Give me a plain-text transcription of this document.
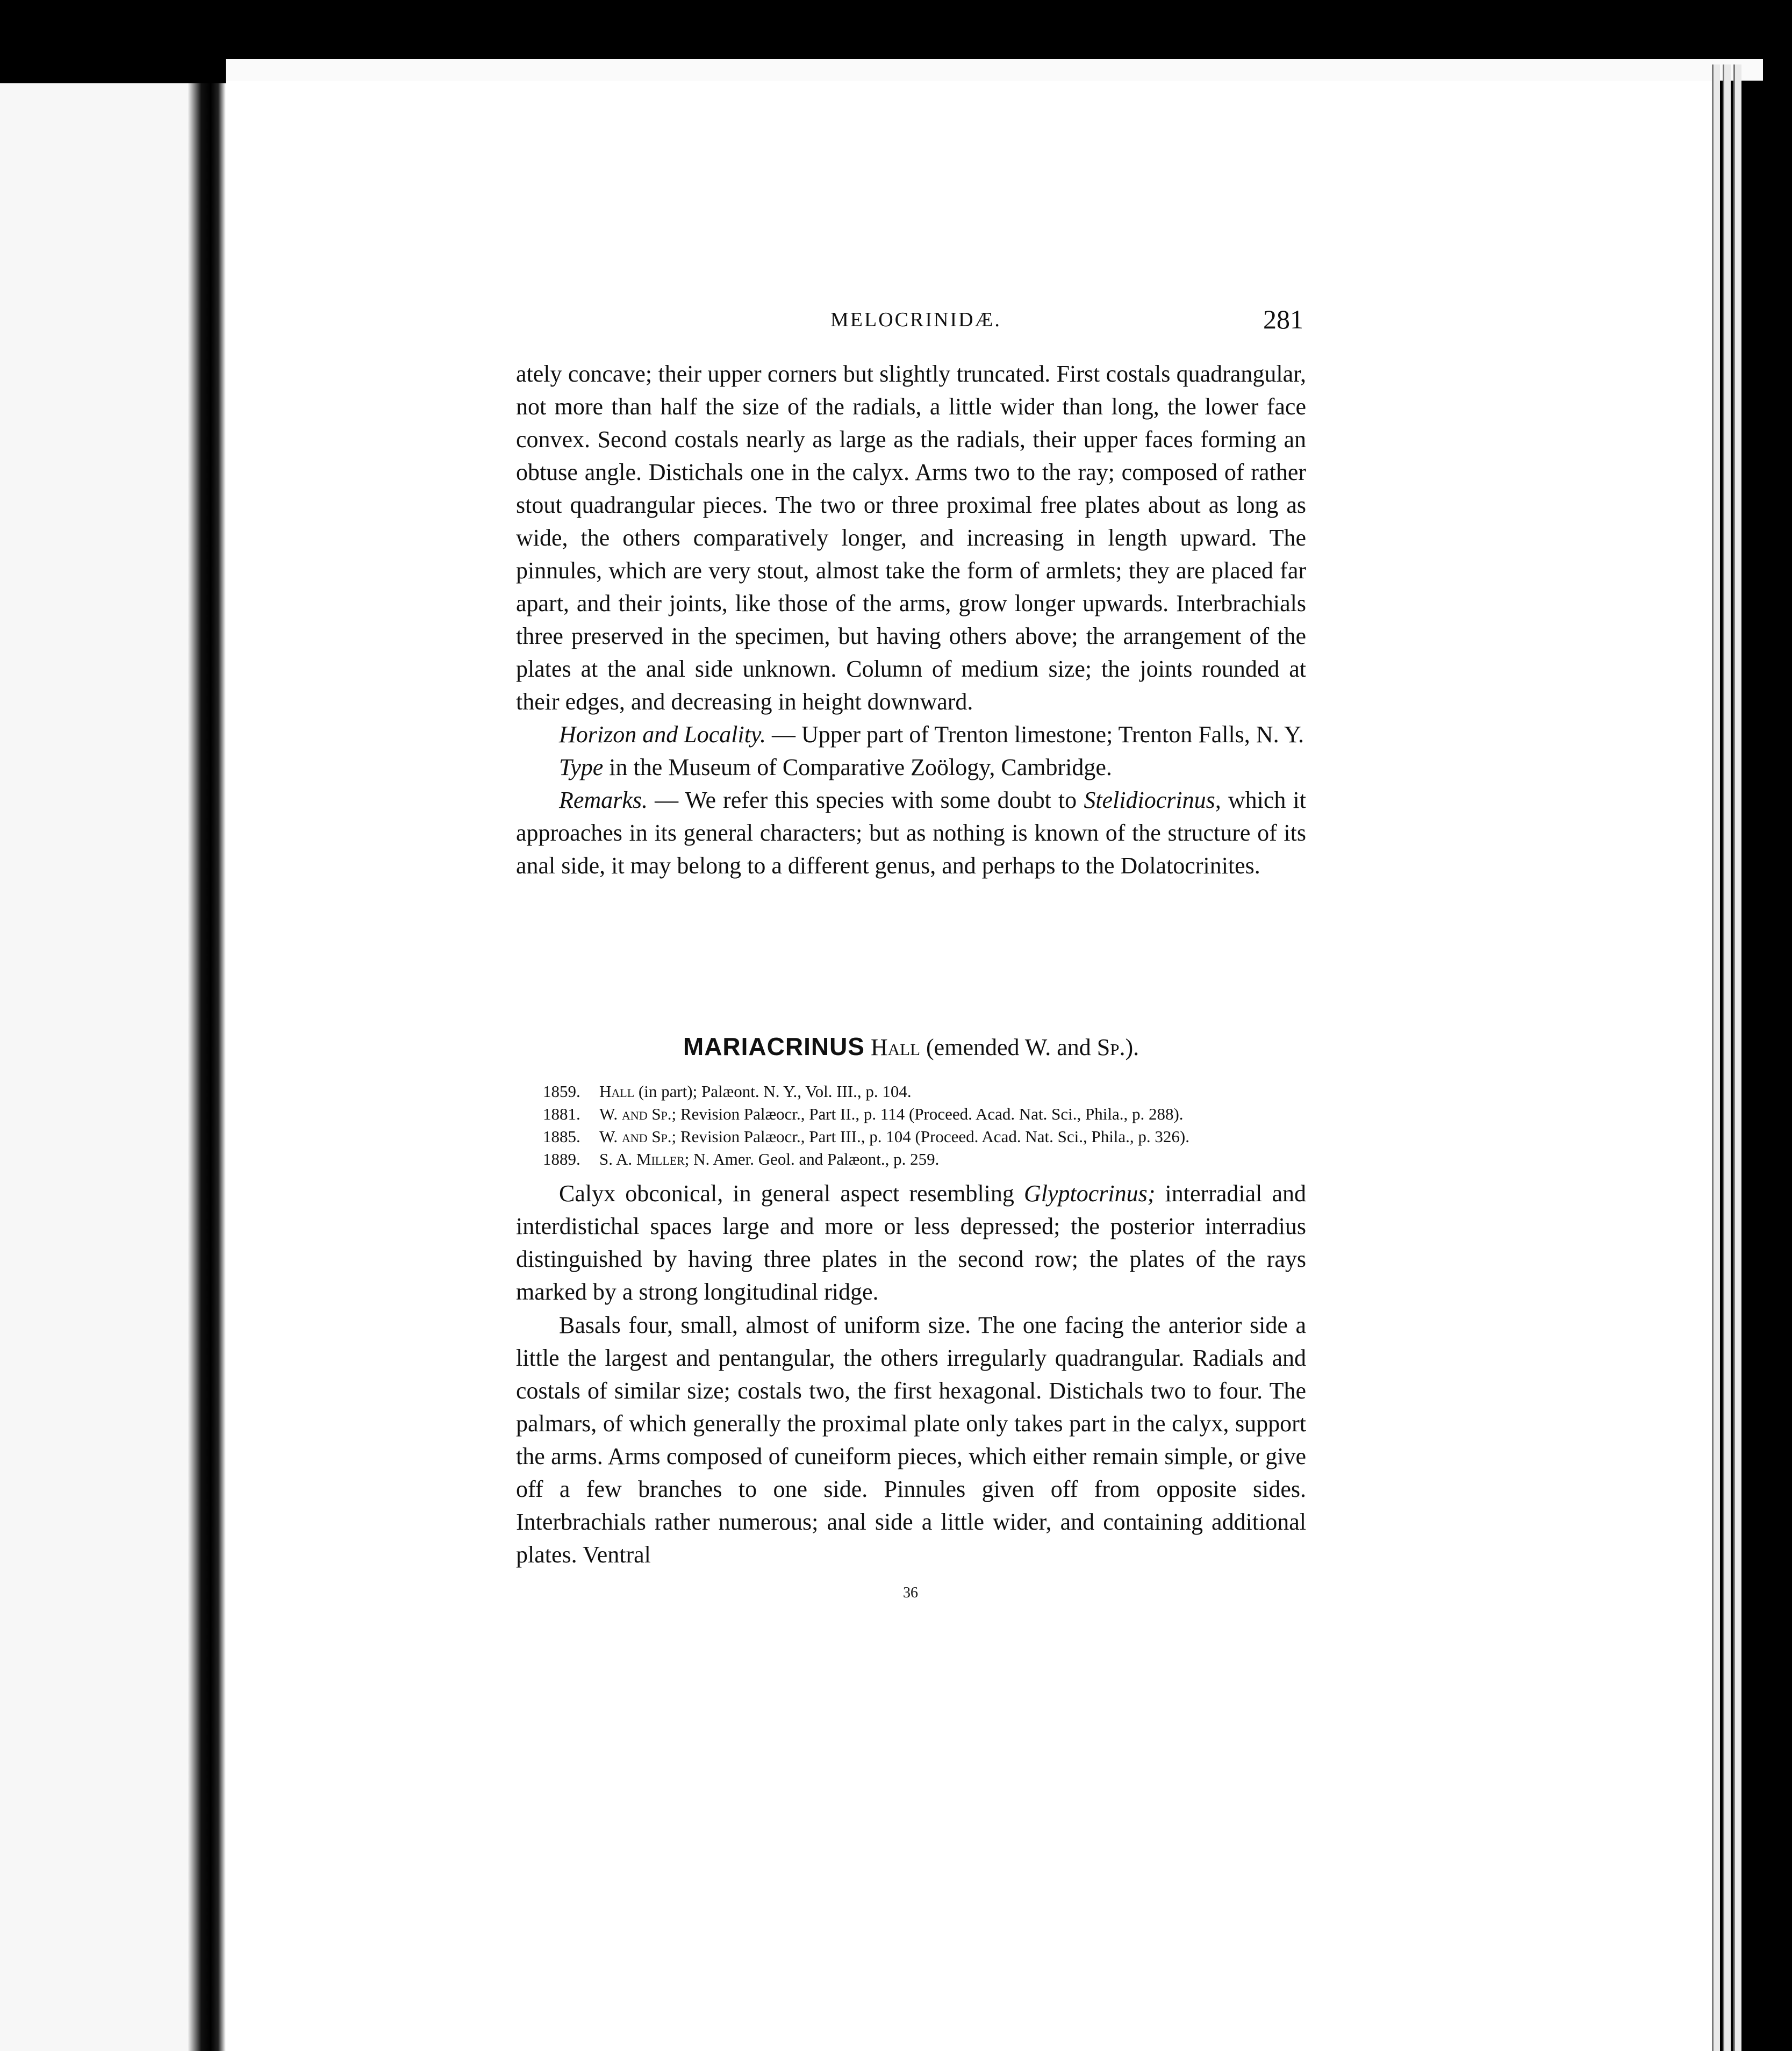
MELOCRINIDÆ.	281

ately concave; their upper corners but slightly truncated. First costals quadrangular, not more than half the size of the radials, a little wider than long, the lower face convex. Second costals nearly as large as the radials, their upper faces forming an obtuse angle. Distichals one in the calyx. Arms two to the ray; composed of rather stout quadrangular pieces. The two or three proximal free plates about as long as wide, the others comparatively longer, and increasing in length upward. The pinnules, which are very stout, almost take the form of armlets; they are placed far apart, and their joints, like those of the arms, grow longer upwards. Interbrachials three preserved in the specimen, but having others above; the arrangement of the plates at the anal side unknown. Column of medium size; the joints rounded at their edges, and decreasing in height downward.

Horizon and Locality. — Upper part of Trenton limestone; Trenton Falls, N. Y.

Type in the Museum of Comparative Zoölogy, Cambridge.

Remarks. — We refer this species with some doubt to Stelidiocrinus, which it approaches in its general characters; but as nothing is known of the structure of its anal side, it may belong to a different genus, and perhaps to the Dolatocrinites.

MARIACRINUS Hall (emended W. and Sp.).
1859. Hall (in part); Palæont. N. Y., Vol. III., p. 104.
1881. W. and Sp.; Revision Palæocr., Part II., p. 114 (Proceed. Acad. Nat. Sci., Phila., p. 288).
1885. W. and Sp.; Revision Palæocr., Part III., p. 104 (Proceed. Acad. Nat. Sci., Phila., p. 326).
1889. S. A. Miller; N. Amer. Geol. and Palæont., p. 259.

Calyx obconical, in general aspect resembling Glyptocrinus; interradial and interdistichal spaces large and more or less depressed; the posterior interradius distinguished by having three plates in the second row; the plates of the rays marked by a strong longitudinal ridge.

Basals four, small, almost of uniform size. The one facing the anterior side a little the largest and pentangular, the others irregularly quadrangular. Radials and costals of similar size; costals two, the first hexagonal. Distichals two to four. The palmars, of which generally the proximal plate only takes part in the calyx, support the arms. Arms composed of cuneiform pieces, which either remain simple, or give off a few branches to one side. Pinnules given off from opposite sides. Interbrachials rather numerous; anal side a little wider, and containing additional plates. Ventral

36
